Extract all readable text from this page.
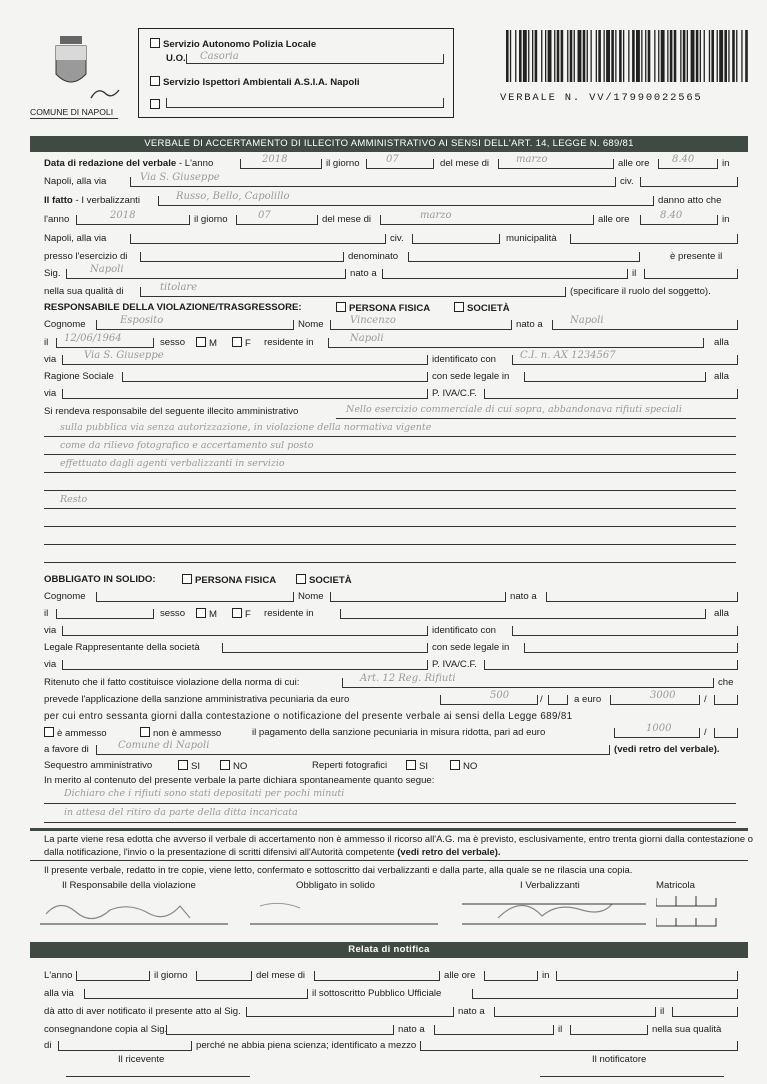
COMUNE DI NAPOLI
Servizio Autonomo Polizia Locale
U.O. Casoria
Servizio Ispettori Ambientali A.S.I.A. Napoli
VERBALE N. VV/17990022565
VERBALE DI ACCERTAMENTO DI ILLECITO AMMINISTRATIVO AI SENSI DELL'ART. 14, LEGGE N. 689/81
Data di redazione del verbale - L'anno	2018	il giorno	07	del mese di	marzo	alle ore 8.40	in
Napoli, alla via	Via S. Giuseppe	civ.
Il fatto - I verbalizzanti	Russo, Bello, Capolillo	danno atto che
l'anno	2018	il giorno	07	del mese di	marzo	alle ore	8.40	in
Napoli, alla via	civ.	municipalità
presso l'esercizio di	denominato	è presente il
Sig.	Napoli	nato a	il
nella sua qualità di	titolare	(specificare il ruolo del soggetto).
RESPONSABILE DELLA VIOLAZIONE/TRASGRESSORE:	PERSONA FISICA	SOCIETÀ
Cognome	Esposito	Nome	Vincenzo	nato a	Napoli
il 12/06/1964	sesso	M	F residente in	Napoli	alla
via	Via S. Giuseppe	identificato con C.I. n. AX 1234567
Ragione Sociale	con sede legale in	alla
via	P. IVA/C.F.
Si rendeva responsabile del seguente illecito amministrativo	Nello esercizio commerciale di cui sopra, abbandonava rifiuti speciali
sulla pubblica via senza autorizzazione, in violazione della normativa vigente
come da rilievo fotografico e accertamento sul posto
effettuato dagli agenti verbalizzanti in servizio
Resto
OBBLIGATO IN SOLIDO:	PERSONA FISICA	SOCIETÀ
Cognome	Nome	nato a
il	sesso	M	F residente in	alla
via	identificato con
Legale Rappresentante della società	con sede legale in
via	P. IVA/C.F.
Ritenuto che il fatto costituisce violazione della norma di cui:	Art. 12 Reg. Rifiuti	che
prevede l'applicazione della sanzione amministrativa pecuniaria da euro	500	/	a euro	3000	/
per cui entro sessanta giorni dalla contestazione o notificazione del presente verbale ai sensi della Legge 689/81
è ammesso	non è ammesso	il pagamento della sanzione pecuniaria in misura ridotta, pari ad euro	1000	/
a favore di	Comune di Napoli	(vedi retro del verbale).
Sequestro amministrativo	SI	NO	Reperti fotografici	SI	NO
In merito al contenuto del presente verbale la parte dichiara spontaneamente quanto segue:
Dichiaro che i rifiuti sono stati depositati per pochi minuti
in attesa del ritiro da parte della ditta incaricata
La parte viene resa edotta che avverso il verbale di accertamento non è ammesso il ricorso all'A.G. ma è previsto, esclusivamente, entro trenta giorni dalla contestazione o dalla notificazione, l'invio o la presentazione di scritti difensivi all'Autorità competente (vedi retro del verbale).
Il presente verbale, redatto in tre copie, viene letto, confermato e sottoscritto dai verbalizzanti e dalla parte, alla quale se ne rilascia una copia.
Il Responsabile della violazione	Obbligato in solido	I Verbalizzanti	Matricola
Relata di notifica
L'anno	il giorno	del mese di	alle ore	in
alla via	il sottoscritto Pubblico Ufficiale
dà atto di aver notificato il presente atto al Sig.	nato a	il
consegnandone copia al Sig.	nato a	il	nella sua qualità
di	perché ne abbia piena scienza; identificato a mezzo
Il ricevente	Il notificatore
